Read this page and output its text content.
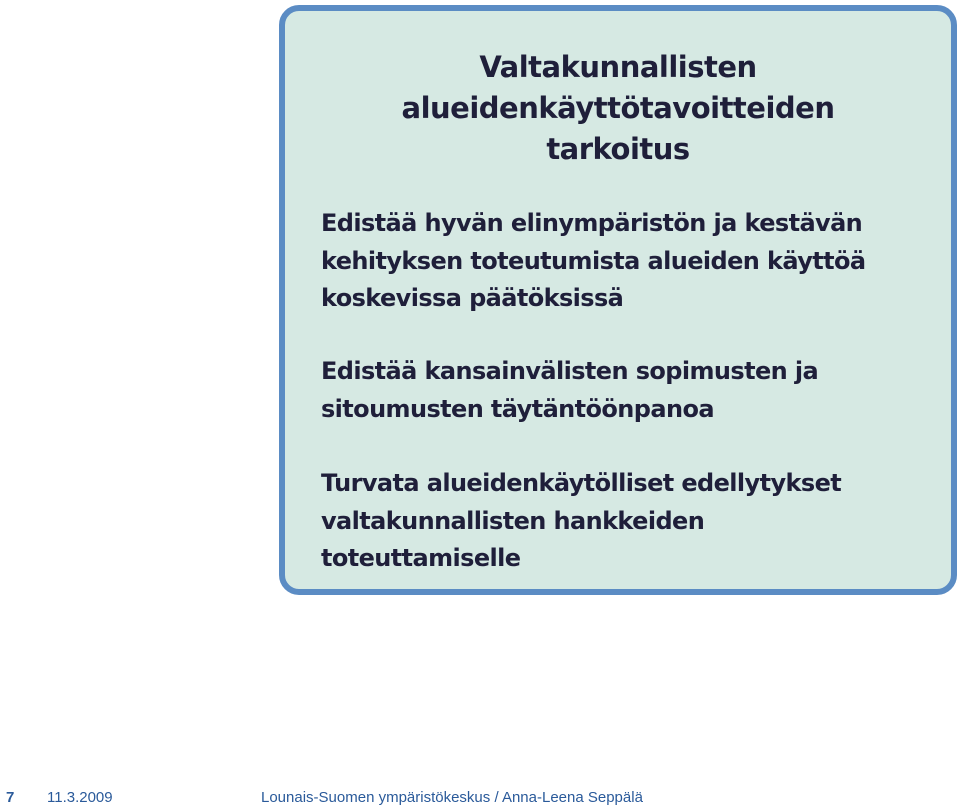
Valtakunnallisten
alueidenkäyttötavoitteiden
tarkoitus

Edistää hyvän elinympäristön ja kestävän
kehityksen toteutumista alueiden käyttöä
koskevissa päätöksissä

Edistää kansainvälisten sopimusten ja
sitoumusten täytäntöönpanoa

Turvata alueidenkäytölliset edellytykset
valtakunnallisten hankkeiden
toteuttamiselle

7 11.3.2009	Lounais-Suomen ympäristökeskus / Anna-Leena Seppälä
